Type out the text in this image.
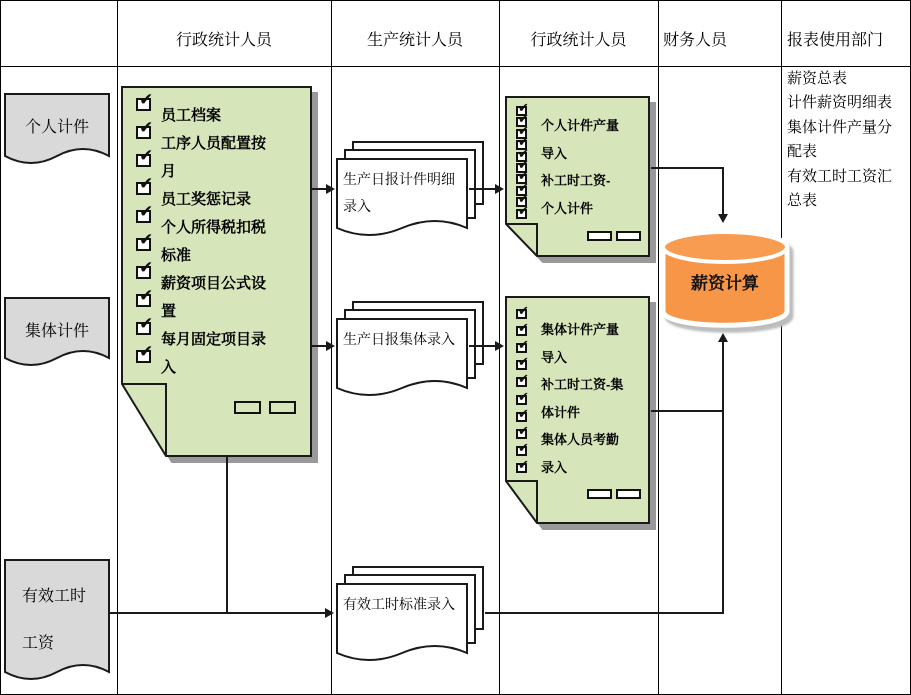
行政统计人员	生产统计人员	行政统计人员	财务人员	报表使用部门
个人计件
集体计件
有效工时工资
✔
员工档案
✔
工序人员配置按
✔
月
✔
员工奖惩记录
✔
个人所得税扣税
✔
标准
✔
薪资项目公式设
✔
置
✔
每月固定项目录
✔
入
生产日报计件明细录入
生产日报集体录入
有效工时标准录入
✔
✔
✔
✔
✔
✔
✔
✔
✔
✔
个人计件产量
导入
补工时工资-
个人计件
✔
✔
✔
✔
✔
✔
✔
✔
✔
✔
集体计件产量
导入
补工时工资-集
体计件
集体人员考勤
录入
薪资计算
薪资总表
计件薪资明细表
集体计件产量分配表
有效工时工资汇总表
